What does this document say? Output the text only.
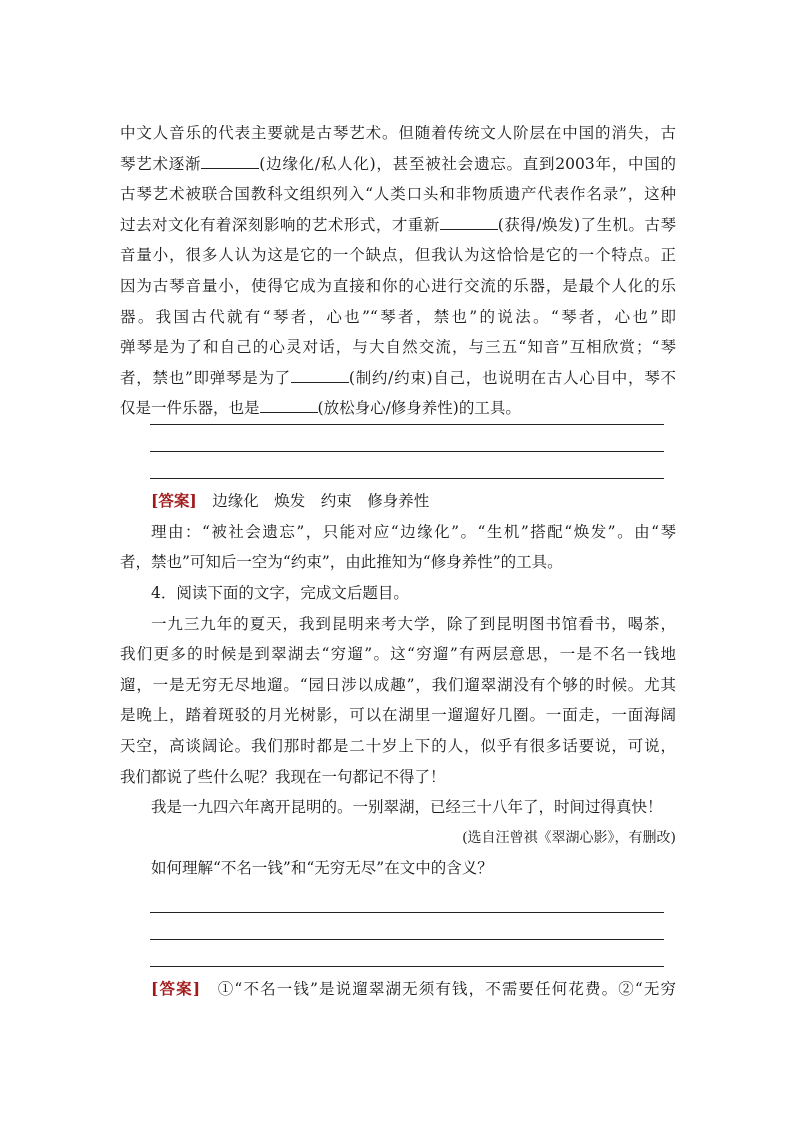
中文人音乐的代表主要就是古琴艺术。但随着传统文人阶层在中国的消失，古
琴艺术逐渐	(边缘化/私人化)，甚至被社会遗忘。直到2003年，中国的
古琴艺术被联合国教科文组织列入“人类口头和非物质遗产代表作名录”，这种
过去对文化有着深刻影响的艺术形式，才重新	(获得/焕发)了生机。古琴
音量小，很多人认为这是它的一个缺点，但我认为这恰恰是它的一个特点。正
因为古琴音量小，使得它成为直接和你的心进行交流的乐器，是最个人化的乐
器。我国古代就有“琴者，心也”“琴者，禁也”的说法。“琴者，心也”即
弹琴是为了和自己的心灵对话，与大自然交流，与三五“知音”互相欣赏；“琴
者，禁也”即弹琴是为了	(制约/约束)自己，也说明在古人心目中，琴不
仅是一件乐器，也是	(放松身心/修身养性)的工具。
[答案]　 边缘化　焕发　约束　修身养性
理由：“被社会遗忘”，只能对应“边缘化”。“生机”搭配“焕发”。由“琴
者，禁也”可知后一空为“约束”，由此推知为“修身养性”的工具。
4．阅读下面的文字，完成文后题目。
一九三九年的夏天，我到昆明来考大学，除了到昆明图书馆看书，喝茶，
我们更多的时候是到翠湖去“穷遛”。这“穷遛”有两层意思，一是不名一钱地
遛，一是无穷无尽地遛。“园日涉以成趣”，我们遛翠湖没有个够的时候。尤其
是晚上，踏着斑驳的月光树影，可以在湖里一遛遛好几圈。一面走，一面海阔
天空，高谈阔论。我们那时都是二十岁上下的人，似乎有很多话要说，可说，
我们都说了些什么呢？我现在一句都记不得了！
我是一九四六年离开昆明的。一别翠湖，已经三十八年了，时间过得真快！
(选自汪曾祺《翠湖心影》，有删改)
如何理解“不名一钱”和“无穷无尽”在文中的含义？
[答案]　 ①“不名一钱”是说遛翠湖无须有钱，不需要任何花费。②“无穷
